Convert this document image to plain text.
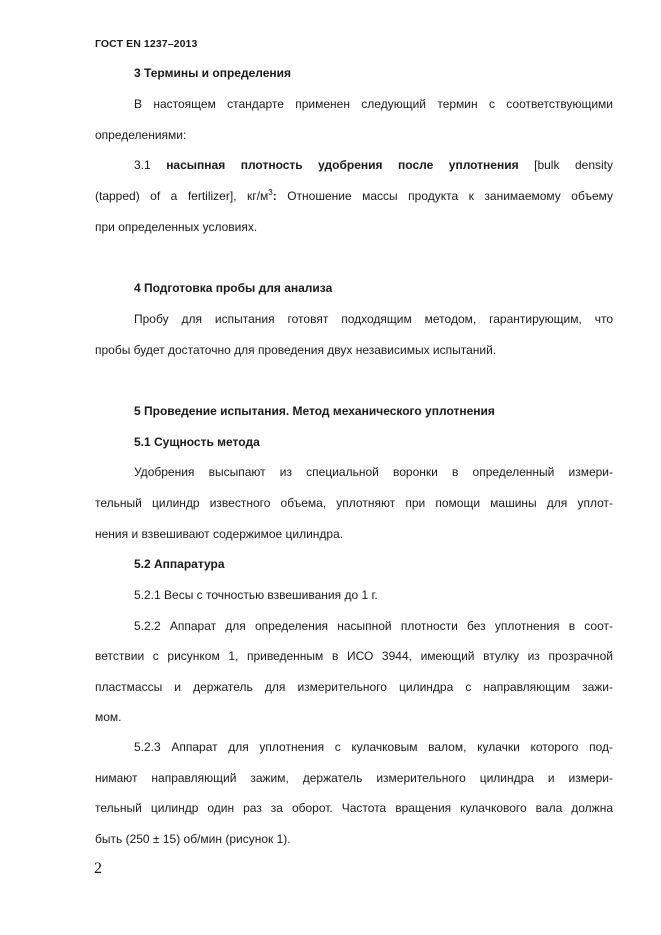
ГОСТ EN 1237–2013
3 Термины и определения
В настоящем стандарте применен следующий термин с соответствующими
определениями:
3.1 насыпная плотность удобрения после уплотнения [bulk density
(tapped) of a fertilizer], $кг/м^3$: Отношение массы продукта к занимаемому объему
при определенных условиях.
4 Подготовка пробы для анализа
Пробу для испытания готовят подходящим методом, гарантирующим, что
пробы будет достаточно для проведения двух независимых испытаний.
5 Проведение испытания. Метод механического уплотнения
5.1 Сущность метода
Удобрения высыпают из специальной воронки в определенный измери-
тельный цилиндр известного объема, уплотняют при помощи машины для уплот-
нения и взвешивают содержимое цилиндра.
5.2 Аппаратура
5.2.1 Весы с точностью взвешивания до 1 г.
5.2.2 Аппарат для определения насыпной плотности без уплотнения в соот-
ветствии с рисунком 1, приведенным в ИСО 3944, имеющий втулку из прозрачной
пластмассы и держатель для измерительного цилиндра с направляющим зажи-
мом.
5.2.3 Аппарат для уплотнения с кулачковым валом, кулачки которого под-
нимают направляющий зажим, держатель измерительного цилиндра и измери-
тельный цилиндр один раз за оборот. Частота вращения кулачкового вала должна
быть (250 ± 15) об/мин (рисунок 1).
2
